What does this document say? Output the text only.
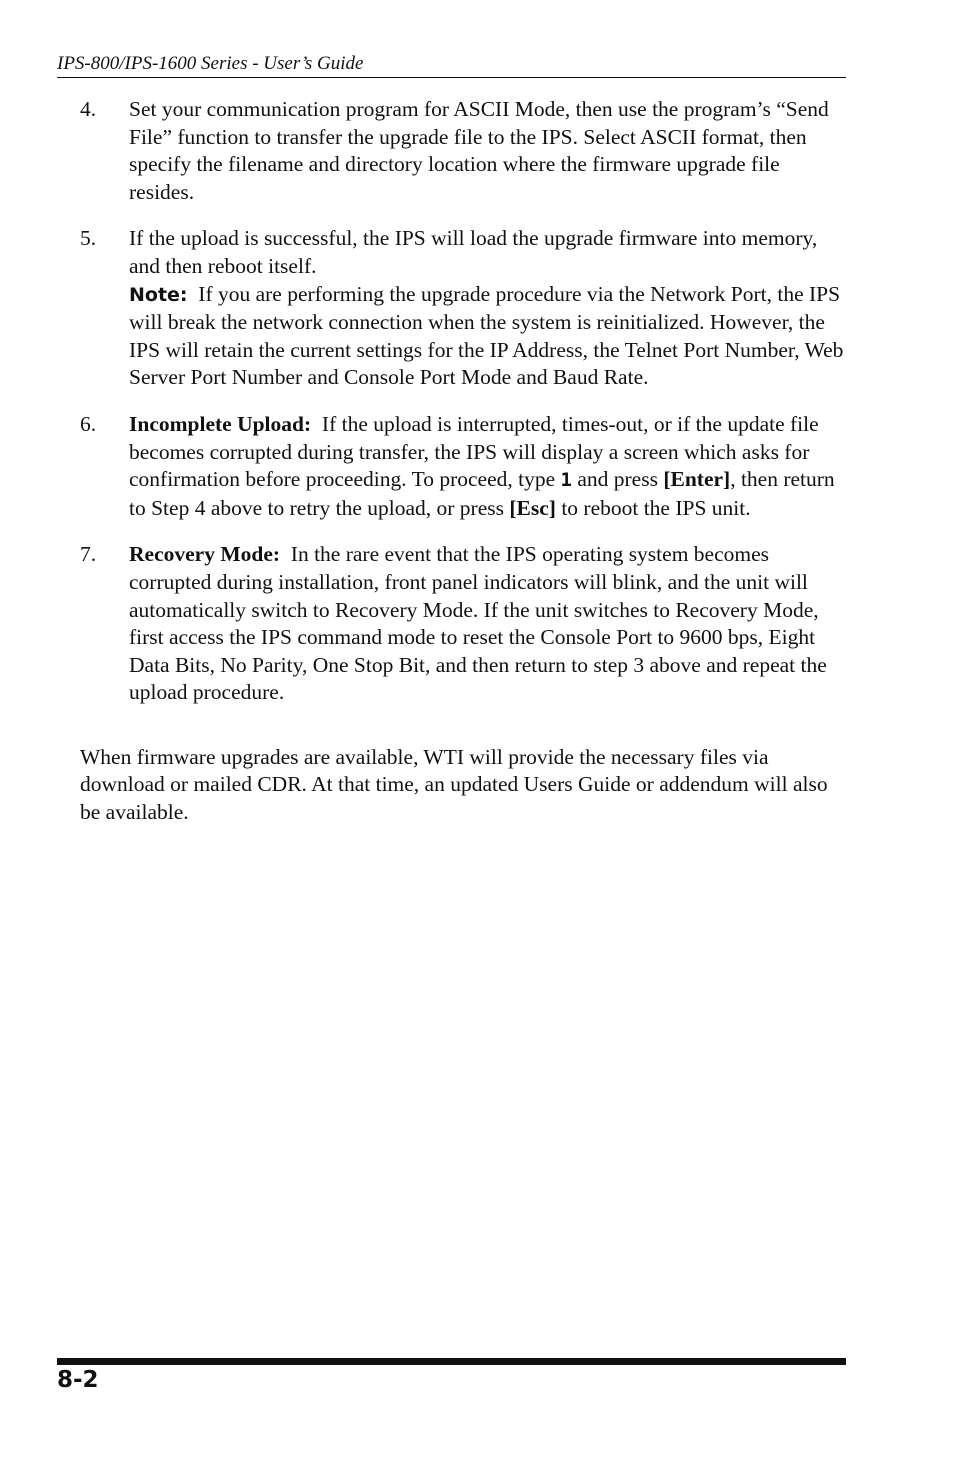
IPS-800/IPS-1600 Series - User’s Guide
4. Set your communication program for ASCII Mode, then use the program’s “Send File” function to transfer the upgrade file to the IPS. Select ASCII format, then specify the filename and directory location where the firmware upgrade file resides.

5. If the upload is successful, the IPS will load the upgrade firmware into memory, and then reboot itself.

Note: If you are performing the upgrade procedure via the Network Port, the IPS will break the network connection when the system is reinitialized. However, the IPS will retain the current settings for the IP Address, the Telnet Port Number, Web Server Port Number and Console Port Mode and Baud Rate.

6. Incomplete Upload: If the upload is interrupted, times-out, or if the update file becomes corrupted during transfer, the IPS will display a screen which asks for confirmation before proceeding. To proceed, type 1 and press [Enter], then return to Step 4 above to retry the upload, or press [Esc] to reboot the IPS unit.

7. Recovery Mode: In the rare event that the IPS operating system becomes corrupted during installation, front panel indicators will blink, and the unit will automatically switch to Recovery Mode. If the unit switches to Recovery Mode, first access the IPS command mode to reset the Console Port to 9600 bps, Eight Data Bits, No Parity, One Stop Bit, and then return to step 3 above and repeat the upload procedure.

When firmware upgrades are available, WTI will provide the necessary files via download or mailed CDR. At that time, an updated Users Guide or addendum will also be available.

8-2
